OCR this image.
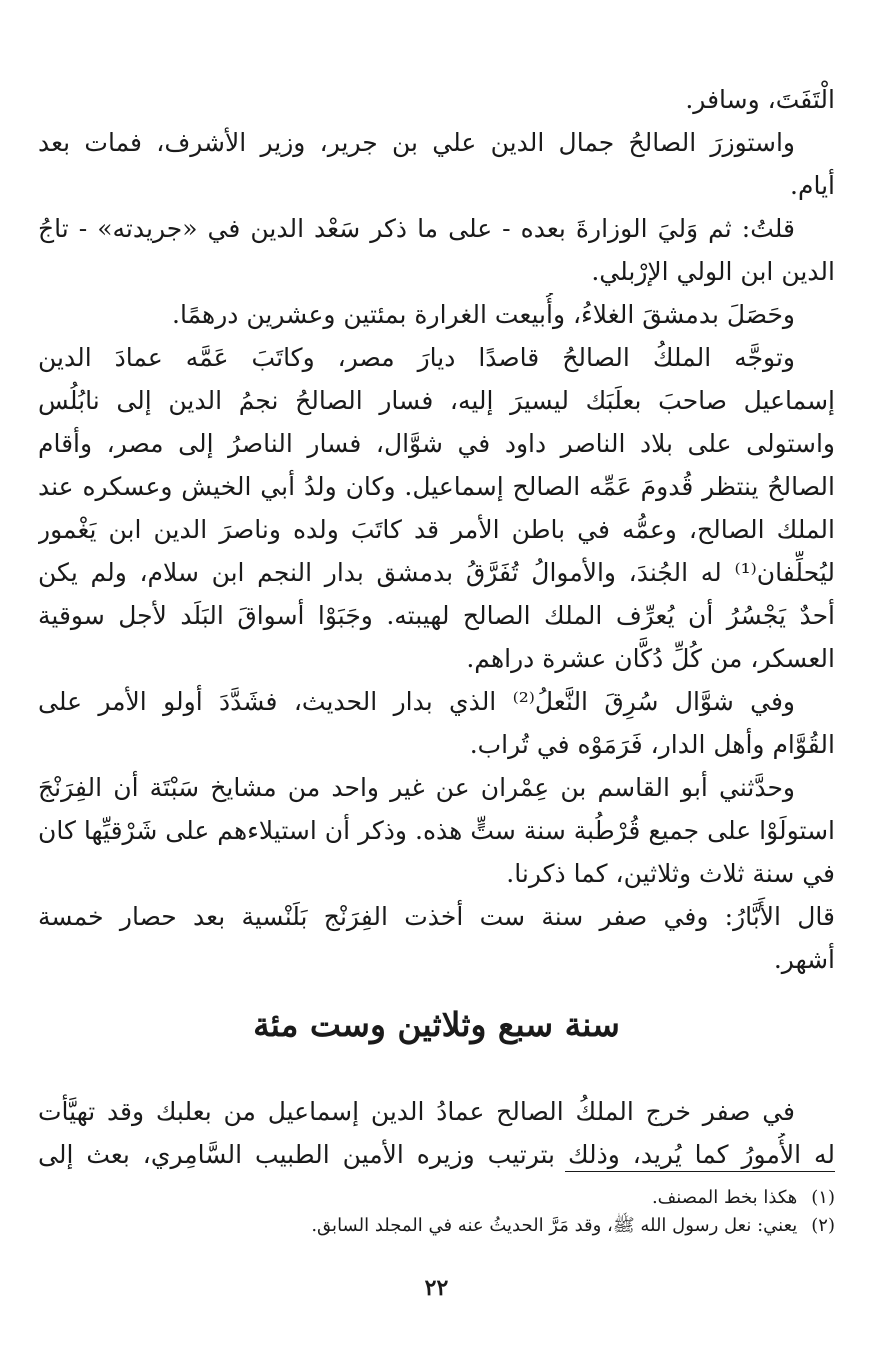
الْتَفَتَ، وسافر.
واستوزرَ الصالحُ جمال الدين علي بن جرير، وزير الأشرف، فمات بعد
أيام.
قلتُ: ثم وَليَ الوزارةَ بعده - على ما ذكر سَعْد الدين في «جريدته» - تاجُ
الدين ابن الولي الإرْبلي.
وحَصَلَ بدمشقَ الغلاءُ، وأُبيعت الغرارة بمئتين وعشرين درهمًا.
وتوجَّه الملكُ الصالحُ قاصدًا ديارَ مصر، وكاتَبَ عَمَّه عمادَ الدين
إسماعيل صاحبَ بعلَبَك ليسيرَ إليه، فسار الصالحُ نجمُ الدين إلى نابُلُس
واستولى على بلاد الناصر داود في شوَّال، فسار الناصرُ إلى مصر، وأقام
الصالحُ ينتظر قُدومَ عَمِّه الصالح إسماعيل. وكان ولدُ أبي الخيش وعسكره عند
الملك الصالح، وعمُّه في باطن الأمر قد كاتَبَ ولده وناصرَ الدين ابن يَغْمور
ليُحلِّفان⁽¹⁾ له الجُندَ، والأموالُ تُفَرَّقُ بدمشق بدار النجم ابن سلام، ولم يكن
أحدٌ يَجْسُرُ أن يُعرِّف الملك الصالح لهيبته. وجَبَوْا أسواقَ البَلَد لأجل سوقية
العسكر، من كُلِّ دُكَّان عشرة دراهم.
وفي شوَّال سُرِقَ النَّعلُ⁽²⁾ الذي بدار الحديث، فشَدَّدَ أولو الأمر على
القُوَّام وأهل الدار، فَرَمَوْه في تُراب.
وحدَّثني أبو القاسم بن عِمْران عن غير واحد من مشايخ سَبْتَة أن الفِرَنْجَ
استولَوْا على جميع قُرْطُبة سنة ستٍّ هذه. وذكر أن استيلاءهم على شَرْقيِّها كان
في سنة ثلاث وثلاثين، كما ذكرنا.
قال الأَبَّارُ: وفي صفر سنة ست أخذت الفِرَنْج بَلَنْسية بعد حصار خمسة
أشهر.
سنة سبع وثلاثين وست مئة
في صفر خرج الملكُ الصالح عمادُ الدين إسماعيل من بعلبك وقد تهيَّأت
له الأُمورُ كما يُريد، وذلك بترتيب وزيره الأمين الطبيب السَّامِري، بعث إلى
(١)هكذا بخط المصنف.
(٢)يعني: نعل رسول الله ﷺ، وقد مَرَّ الحديثُ عنه في المجلد السابق.
٢٢
